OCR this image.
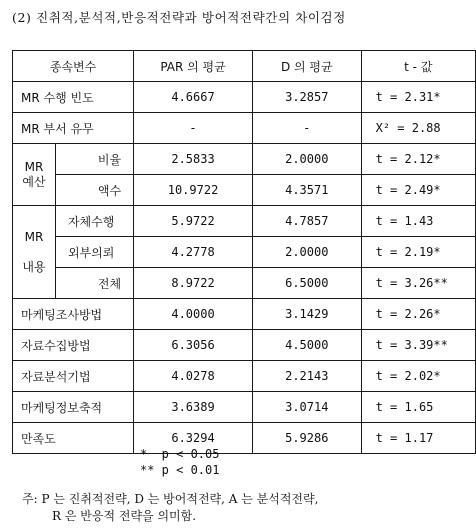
(2) 진취적,분석적,반응적전략과 방어적전략간의 차이검정
종속변수		PAR 의 평균	D 의 평균	t - 값
MR 수행 빈도		4.6667	3.2857	t = 2.31*
MR 부서 유무		-	-	X² = 2.88
MR
예산	비율	2.5833	2.0000	t = 2.12*
	액수	10.9722	4.3571	t = 2.49*
MR

내용	자체수행	5.9722	4.7857	t = 1.43
	외부의뢰	4.2778	2.0000	t = 2.19*
	전체	8.9722	6.5000	t = 3.26**
마케팅조사방법		4.0000	3.1429	t = 2.26*
자료수집방법		6.3056	4.5000	t = 3.39**
자료분석기법		4.0278	2.2143	t = 2.02*
마케팅정보축적		3.6389	3.0714	t = 1.65
만족도		6.3294	5.9286	t = 1.17
*  p < 0.05
** p < 0.01
주: P 는 진취적전략, D 는 방어적전략, A 는 분석적전략,
R 은 반응적 전략을 의미함.
